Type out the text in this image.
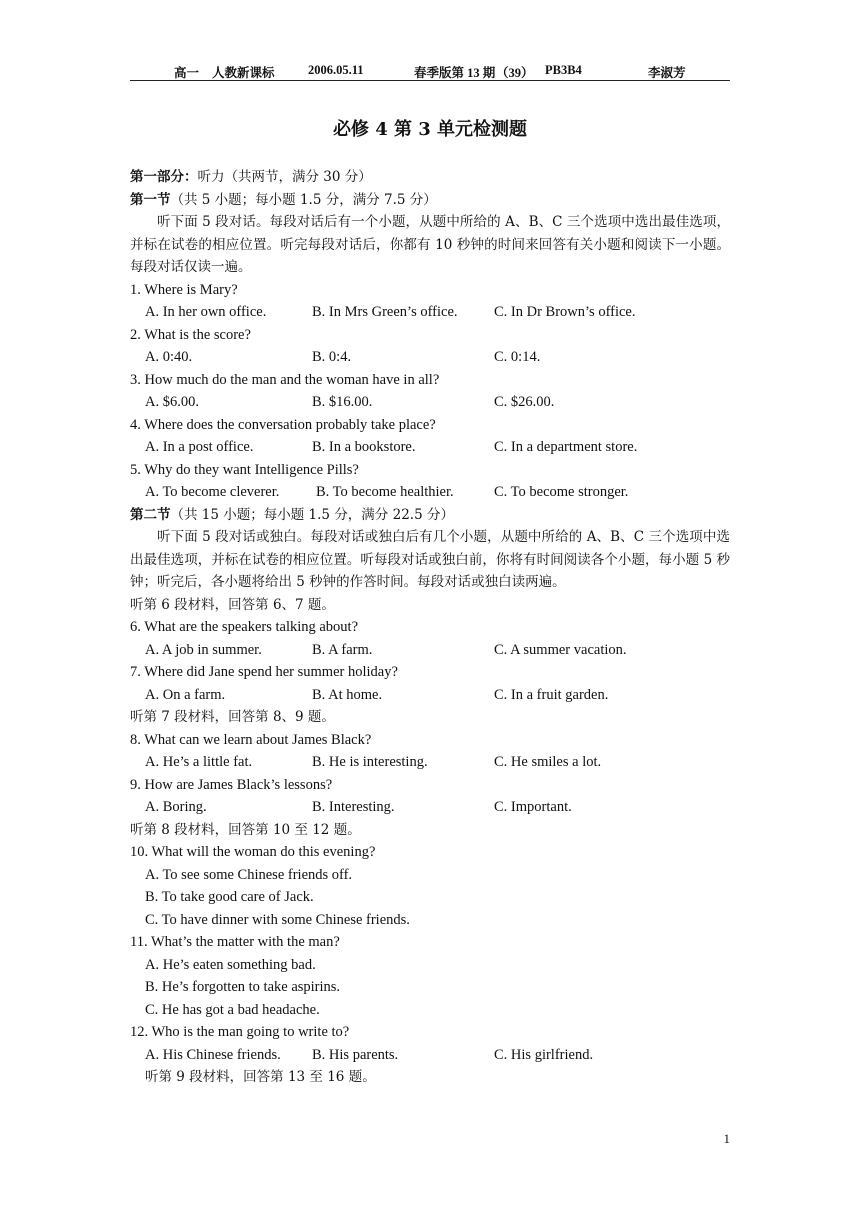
高一 人教新课标	2006.05.11	春季版第 13 期 （39） PB3B4	李淑芳
必修 4 第 3 单元检测题
第一部分：听力（共两节，满分 30 分）
第一节（共 5 小题；每小题 1.5 分，满分 7.5 分）
听下面 5 段对话。每段对话后有一个小题，从题中所给的 A、B、C 三个选项中选出最佳选项，并标在试卷的相应位置。听完每段对话后，你都有 10 秒钟的时间来回答有关小题和阅读下一小题。每段对话仅读一遍。
1. Where is Mary?
A. In her own office.	B. In Mrs Green’s office.	C. In Dr Brown’s office.
2. What is the score?
A. 0:40.	B. 0:4.	C. 0:14.
3. How much do the man and the woman have in all?
A. $6.00.	B. $16.00.	C. $26.00.
4. Where does the conversation probably take place?
A. In a post office.	B. In a bookstore.	C. In a department store.
5. Why do they want Intelligence Pills?
A. To become cleverer.	B. To become healthier.	C. To become stronger.
第二节（共 15 小题；每小题 1.5 分，满分 22.5 分）
听下面 5 段对话或独白。每段对话或独白后有几个小题，从题中所给的 A、B、C 三个选项中选出最佳选项，并标在试卷的相应位置。听每段对话或独白前，你将有时间阅读各个小题，每小题 5 秒钟；听完后，各小题将给出 5 秒钟的作答时间。每段对话或独白读两遍。
听第 6 段材料，回答第 6、7 题。
6. What are the speakers talking about?
A. A job in summer.	B. A farm.	C. A summer vacation.
7. Where did Jane spend her summer holiday?
A. On a farm.	B. At home.	C. In a fruit garden.
听第 7 段材料，回答第 8、9 题。
8. What can we learn about James Black?
A. He’s a little fat.	B. He is interesting.	C. He smiles a lot.
9. How are James Black’s lessons?
A. Boring.	B. Interesting.	C. Important.
听第 8 段材料，回答第 10 至 12 题。
10. What will the woman do this evening?
A. To see some Chinese friends off.
B. To take good care of Jack.
C. To have dinner with some Chinese friends.
11. What’s the matter with the man?
A. He’s eaten something bad.
B. He’s forgotten to take aspirins.
C. He has got a bad headache.
12. Who is the man going to write to?
A. His Chinese friends. B. His parents.	C. His girlfriend.
听第 9 段材料，回答第 13 至 16 题。
1
